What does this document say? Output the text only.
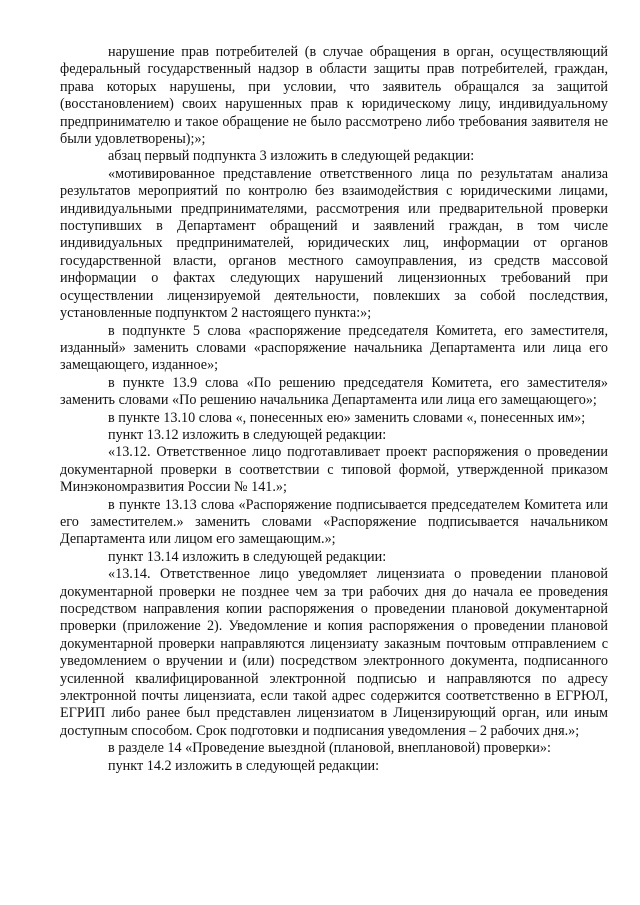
нарушение прав потребителей (в случае обращения в орган, осуществляющий федеральный государственный надзор в области защиты прав потребителей, граждан, права которых нарушены, при условии, что заявитель обращался за защитой (восстановлением) своих нарушенных прав к юридическому лицу, индивидуальному предпринимателю и такое обращение не было рассмотрено либо требования заявителя не были удовлетворены);»;

абзац первый подпункта 3 изложить в следующей редакции:

«мотивированное представление ответственного лица по результатам анализа результатов мероприятий по контролю без взаимодействия с юридическими лицами, индивидуальными предпринимателями, рассмотрения или предварительной проверки поступивших в Департамент обращений и заявлений граждан, в том числе индивидуальных предпринимателей, юридических лиц, информации от органов государственной власти, органов местного самоуправления, из средств массовой информации о фактах следующих нарушений лицензионных требований при осуществлении лицензируемой деятельности, повлекших за собой последствия, установленные подпунктом 2 настоящего пункта:»;

в подпункте 5 слова «распоряжение председателя Комитета, его заместителя, изданный» заменить словами «распоряжение начальника Департамента или лица его замещающего, изданное»;

в пункте 13.9 слова «По решению председателя Комитета, его заместителя» заменить словами «По решению начальника Департамента или лица его замещающего»;

в пункте 13.10 слова «, понесенных ею» заменить словами «, понесенных им»;

пункт 13.12 изложить в следующей редакции:

«13.12. Ответственное лицо подготавливает проект распоряжения о проведении документарной проверки в соответствии с типовой формой, утвержденной приказом Минэкономразвития России № 141.»;

в пункте 13.13 слова «Распоряжение подписывается председателем Комитета или его заместителем.» заменить словами «Распоряжение подписывается начальником Департамента или лицом его замещающим.»;

пункт 13.14 изложить в следующей редакции:

«13.14. Ответственное лицо уведомляет лицензиата о проведении плановой документарной проверки не позднее чем за три рабочих дня до начала ее проведения посредством направления копии распоряжения о проведении плановой документарной проверки (приложение 2). Уведомление и копия распоряжения о проведении плановой документарной проверки направляются лицензиату заказным почтовым отправлением с уведомлением о вручении и (или) посредством электронного документа, подписанного усиленной квалифицированной электронной подписью и направляются по адресу электронной почты лицензиата, если такой адрес содержится соответственно в ЕГРЮЛ, ЕГРИП либо ранее был представлен лицензиатом в Лицензирующий орган, или иным доступным способом. Срок подготовки и подписания уведомления – 2 рабочих дня.»;

в разделе 14 «Проведение выездной (плановой, внеплановой) проверки»:

пункт 14.2 изложить в следующей редакции:
